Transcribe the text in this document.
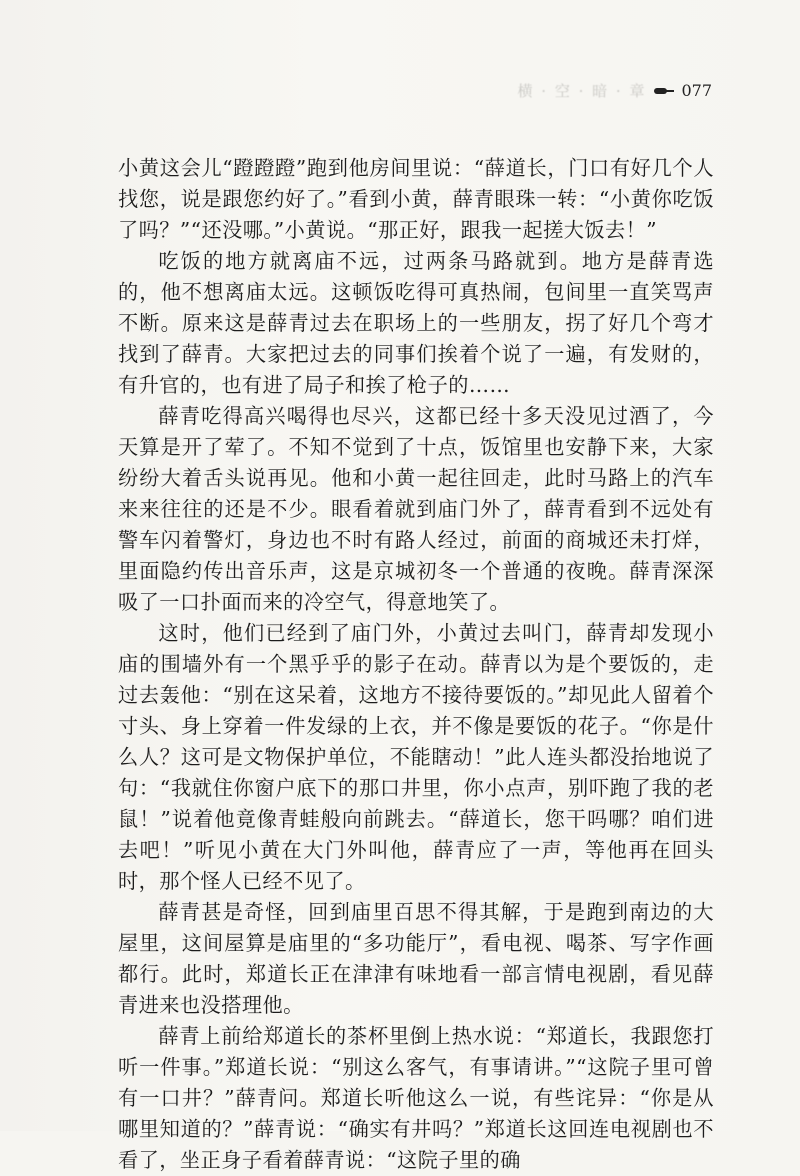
横 · 空 · 暗 · 章 077

小黄这会儿“蹬蹬蹬”跑到他房间里说：“薛道长，门口有好几个人找您，说是跟您约好了。”看到小黄，薛青眼珠一转：“小黄你吃饭了吗？”“还没哪。”小黄说。“那正好，跟我一起搓大饭去！”

吃饭的地方就离庙不远，过两条马路就到。地方是薛青选的，他不想离庙太远。这顿饭吃得可真热闹，包间里一直笑骂声不断。原来这是薛青过去在职场上的一些朋友，拐了好几个弯才找到了薛青。大家把过去的同事们挨着个说了一遍，有发财的，有升官的，也有进了局子和挨了枪子的……

薛青吃得高兴喝得也尽兴，这都已经十多天没见过酒了，今天算是开了荤了。不知不觉到了十点，饭馆里也安静下来，大家纷纷大着舌头说再见。他和小黄一起往回走，此时马路上的汽车来来往往的还是不少。眼看着就到庙门外了，薛青看到不远处有警车闪着警灯，身边也不时有路人经过，前面的商城还未打烊，里面隐约传出音乐声，这是京城初冬一个普通的夜晚。薛青深深吸了一口扑面而来的冷空气，得意地笑了。

这时，他们已经到了庙门外，小黄过去叫门，薛青却发现小庙的围墙外有一个黑乎乎的影子在动。薛青以为是个要饭的，走过去轰他：“别在这呆着，这地方不接待要饭的。”却见此人留着个寸头、身上穿着一件发绿的上衣，并不像是要饭的花子。“你是什么人？这可是文物保护单位，不能瞎动！”此人连头都没抬地说了句：“我就住你窗户底下的那口井里，你小点声，别吓跑了我的老鼠！”说着他竟像青蛙般向前跳去。“薛道长，您干吗哪？咱们进去吧！”听见小黄在大门外叫他，薛青应了一声，等他再在回头时，那个怪人已经不见了。

薛青甚是奇怪，回到庙里百思不得其解，于是跑到南边的大屋里，这间屋算是庙里的“多功能厅”，看电视、喝茶、写字作画都行。此时，郑道长正在津津有味地看一部言情电视剧，看见薛青进来也没搭理他。

薛青上前给郑道长的茶杯里倒上热水说：“郑道长，我跟您打听一件事。”郑道长说：“别这么客气，有事请讲。”“这院子里可曾有一口井？”薛青问。郑道长听他这么一说，有些诧异：“你是从哪里知道的？”薛青说：“确实有井吗？”郑道长这回连电视剧也不看了，坐正身子看着薛青说：“这院子里的确
